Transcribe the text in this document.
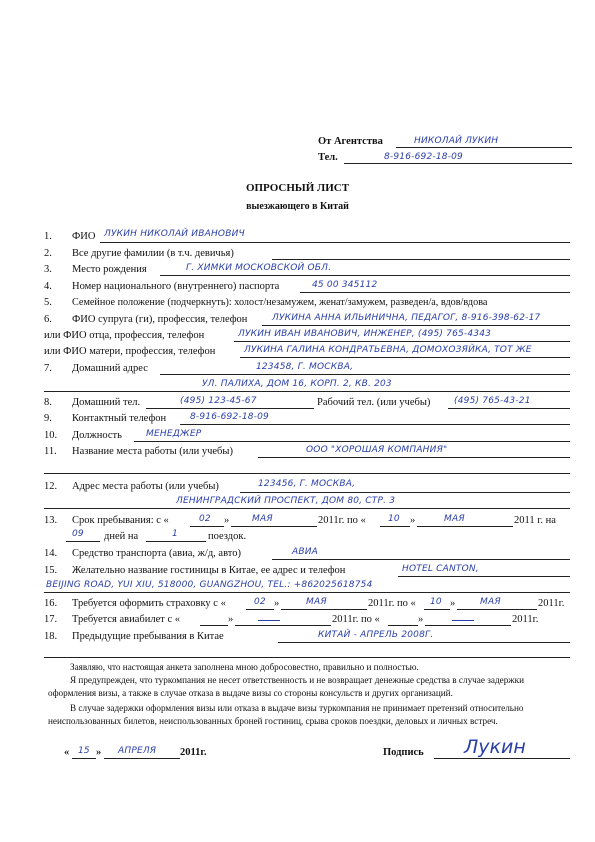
От Агентства	НИКОЛАЙ ЛУКИН
Тел.	8-916-692-18-09
ОПРОСНЫЙ ЛИСТ
выезжающего в Китай
1.	ФИО ЛУКИН НИКОЛАЙ ИВАНОВИЧ
2.	Все другие фамилии (в т.ч. девичья)
3.	Место рождения	Г. ХИМКИ МОСКОВСКОЙ ОБЛ.
4.	Номер национального (внутреннего) паспорта	45 00 345112
5.	Семейное положение (подчеркнуть): холост/незамужем, женат/замужем, разведен/а, вдов/вдова
6.	ФИО супруга (ги), профессия, телефон	ЛУКИНА АННА ИЛЬИНИЧНА, ПЕДАГОГ, 8-916-398-62-17
или ФИО отца, профессия, телефон	ЛУКИН ИВАН ИВАНОВИЧ, ИНЖЕНЕР, (495) 765-4343
или ФИО матери, профессия, телефон	ЛУКИНА ГАЛИНА КОНДРАТЬЕВНА, ДОМОХОЗЯЙКА, ТОТ ЖЕ
7.	Домашний адрес	123458, Г. МОСКВА,
УЛ. ПАЛИХА, ДОМ 16, КОРП. 2, КВ. 203
8.	Домашний тел.	(495) 123-45-67	Рабочий тел. (или учебы)	(495) 765-43-21
9.	Контактный телефон	8-916-692-18-09
10.	Должность	МЕНЕДЖЕР
11.	Название места работы (или учебы)	ООО "ХОРОШАЯ КОМПАНИЯ"
12.	Адрес места работы (или учебы)	123456, Г. МОСКВА,
ЛЕНИНГРАДСКИЙ ПРОСПЕКТ, ДОМ 80, СТР. 3
13.	Срок пребывания: с «	02 »	МАЯ	2011г. по « 10 »	МАЯ	2011 г. на
09 дней на	1	поездок.
14.	Средство транспорта (авиа, ж/д, авто)	АВИА
15.	Желательно название гостиницы в Китае, ее адрес и телефон	HOTEL CANTON,
BEIJING ROAD, YUI XIU, 518000, GUANGZHOU, TEL.: +862025618754
16.	Требуется оформить страховку с «	02 »	МАЯ	2011г. по « 10 »	МАЯ	2011г.
17.	Требуется авиабилет с «	»	2011г. по «	»	2011г.
18.	Предыдущие пребывания в Китае	КИТАЙ - АПРЕЛЬ 2008Г.
Заявляю, что настоящая анкета заполнена мною добросовестно, правильно и полностью.
Я предупрежден, что туркомпания не несет ответственность и не возвращает денежные средства в случае задержки
оформления визы, а также в случае отказа в выдаче визы со стороны консульств и других организаций.
В случае задержки оформления визы или отказа в выдаче визы туркомпания не принимает претензий относительно
неиспользованных билетов, неиспользованных броней гостиниц, срыва сроков поездки, деловых и личных встреч.
« 15 » АПРЕЛЯ 2011г.	Подпись Лукин
